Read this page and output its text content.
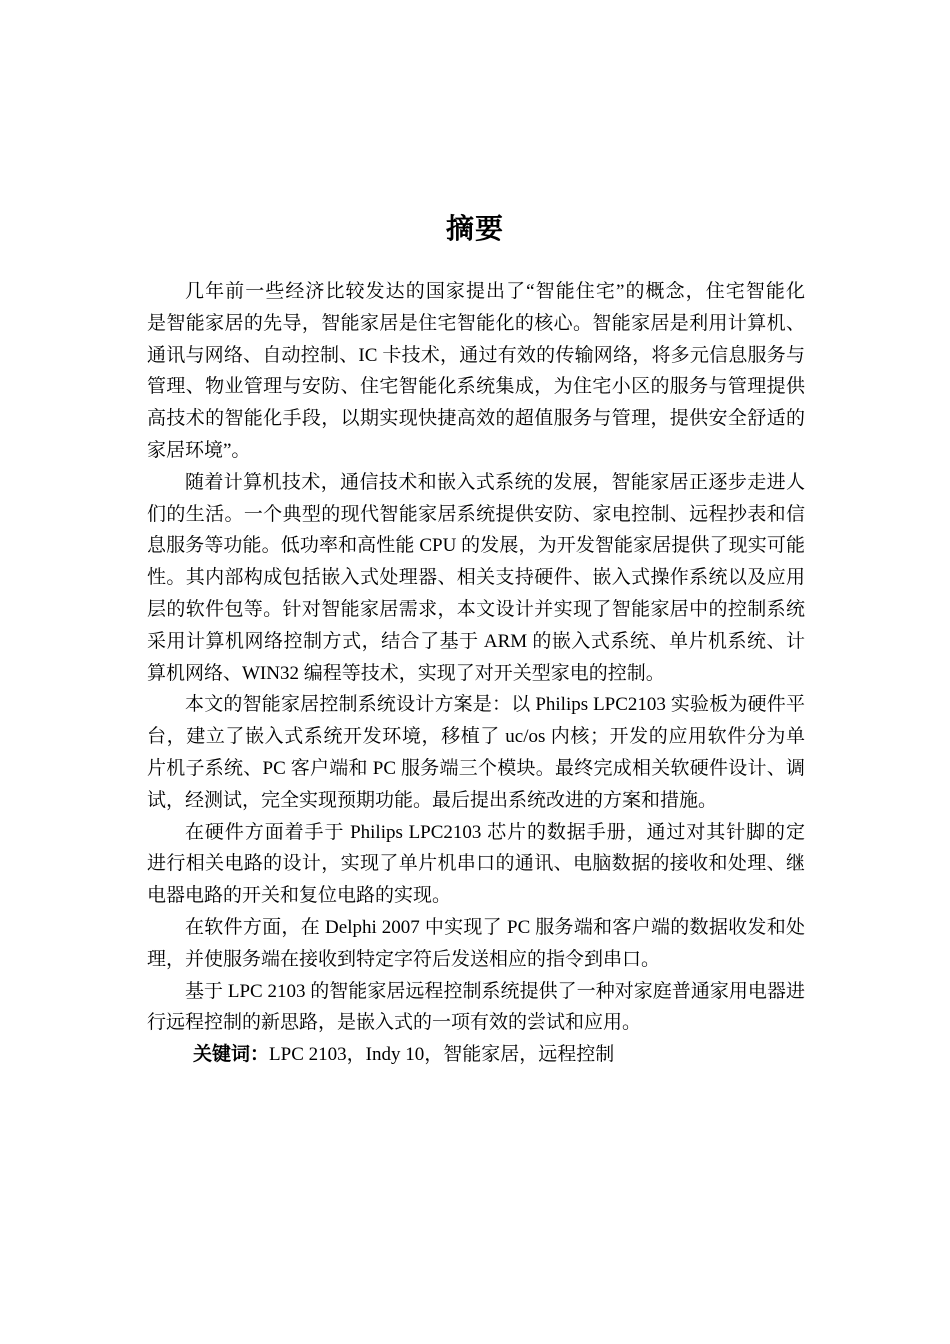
摘要
几年前一些经济比较发达的国家提出了“智能住宅”的概念，住宅智能化
是智能家居的先导，智能家居是住宅智能化的核心。智能家居是利用计算机、
通讯与网络、自动控制、IC 卡技术，通过有效的传输网络，将多元信息服务与
管理、物业管理与安防、住宅智能化系统集成，为住宅小区的服务与管理提供
高技术的智能化手段，以期实现快捷高效的超值服务与管理，提供安全舒适的
家居环境”。
随着计算机技术，通信技术和嵌入式系统的发展，智能家居正逐步走进人
们的生活。一个典型的现代智能家居系统提供安防、家电控制、远程抄表和信
息服务等功能。低功率和高性能 CPU 的发展，为开发智能家居提供了现实可能
性。其内部构成包括嵌入式处理器、相关支持硬件、嵌入式操作系统以及应用
层的软件包等。针对智能家居需求，本文设计并实现了智能家居中的控制系统
采用计算机网络控制方式，结合了基于 ARM 的嵌入式系统、单片机系统、计
算机网络、WIN32 编程等技术，实现了对开关型家电的控制。
本文的智能家居控制系统设计方案是：以 Philips LPC2103 实验板为硬件平
台，建立了嵌入式系统开发环境，移植了 uc/os 内核；开发的应用软件分为单
片机子系统、PC 客户端和 PC 服务端三个模块。最终完成相关软硬件设计、调
试，经测试，完全实现预期功能。最后提出系统改进的方案和措施。
在硬件方面着手于 Philips LPC2103 芯片的数据手册，通过对其针脚的定
进行相关电路的设计，实现了单片机串口的通讯、电脑数据的接收和处理、继
电器电路的开关和复位电路的实现。
在软件方面，在 Delphi 2007 中实现了 PC 服务端和客户端的数据收发和处
理，并使服务端在接收到特定字符后发送相应的指令到串口。
基于 LPC 2103 的智能家居远程控制系统提供了一种对家庭普通家用电器进
行远程控制的新思路，是嵌入式的一项有效的尝试和应用。
关键词：LPC 2103，Indy 10，智能家居，远程控制
